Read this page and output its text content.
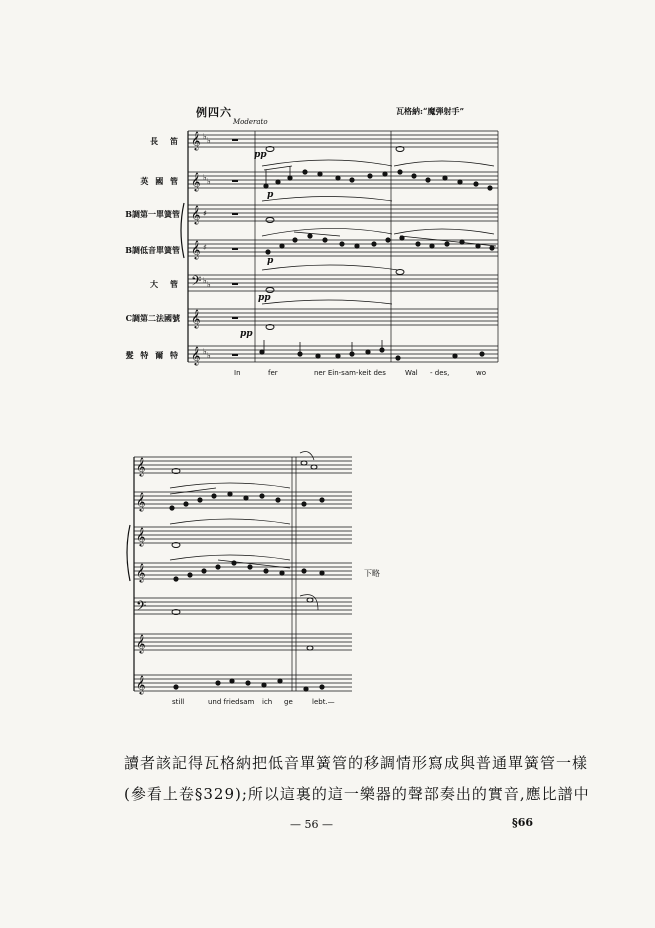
例四六	瓦格納:“魔弾射手”
Moderato
長　笛
英 國 管
B調第一單簧管
B調低音單簧管
大　管
C調第二法國號
髮 特 爾 特
𝄞
𝄞
𝄞
𝄞
𝄢
𝄞
𝄞
♭ ♭
♭ ♭
♯
♯
♭ ♭
♭ ♭
pp
p
p
pp
pp
In	fer	ner Ein-sam-keit des	Wal - des,	wo
𝄞
𝄞
𝄞
𝄞
𝄢
𝄞
𝄞
下略
still	und friedsam ich ge	lebt.—
讀者該記得瓦格納把低音單簧管的移調情形寫成與普通單簧管一樣
(參看上卷§329);所以這裏的這一樂器的聲部奏出的實音,應比譜中
— 56 —	§66
